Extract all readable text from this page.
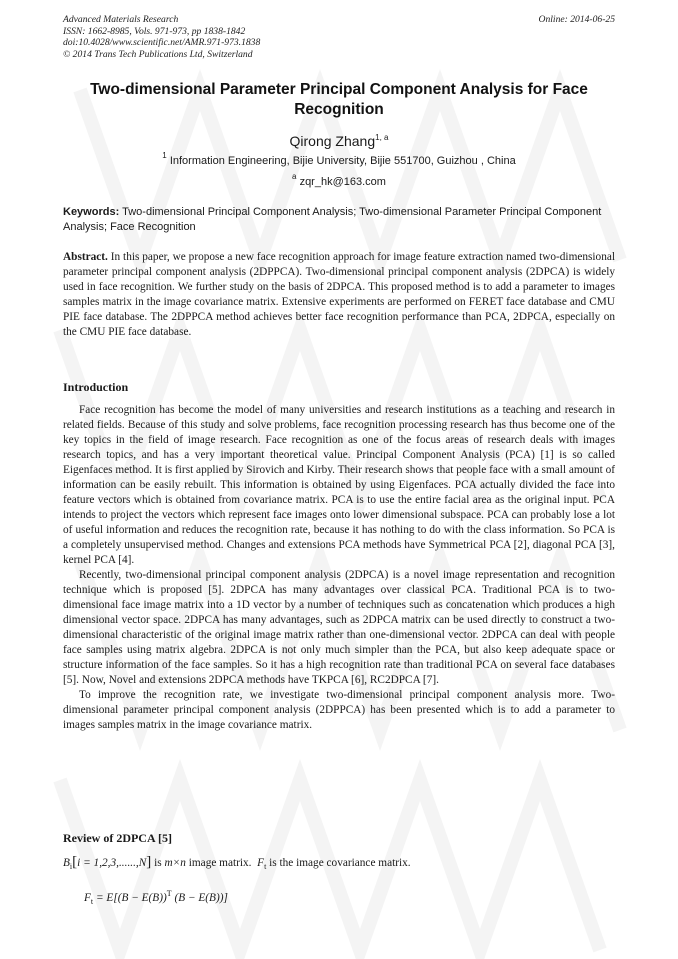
Advanced Materials Research
ISSN: 1662-8985, Vols. 971-973, pp 1838-1842
doi:10.4028/www.scientific.net/AMR.971-973.1838
© 2014 Trans Tech Publications Ltd, Switzerland
Online: 2014-06-25
Two-dimensional Parameter Principal Component Analysis for Face Recognition
Qirong Zhang$^{1, a}$
$^1$ Information Engineering, Bijie University, Bijie 551700, Guizhou , China
$^a$ zqr_hk@163.com
Keywords: Two-dimensional Principal Component Analysis; Two-dimensional Parameter Principal Component Analysis; Face Recognition
Abstract. In this paper, we propose a new face recognition approach for image feature extraction named two-dimensional parameter principal component analysis (2DPPCA). Two-dimensional principal component analysis (2DPCA) is widely used in face recognition. We further study on the basis of 2DPCA. This proposed method is to add a parameter to images samples matrix in the image covariance matrix. Extensive experiments are performed on FERET face database and CMU PIE face database. The 2DPPCA method achieves better face recognition performance than PCA, 2DPCA, especially on the CMU PIE face database.
Introduction

Face recognition has become the model of many universities and research institutions as a teaching and research in related fields. Because of this study and solve problems, face recognition processing research has thus become one of the key topics in the field of image research. Face recognition as one of the focus areas of research deals with images research topics, and has a very important theoretical value. Principal Component Analysis (PCA) [1] is so called Eigenfaces method. It is first applied by Sirovich and Kirby. Their research shows that people face with a small amount of information can be easily rebuilt. This information is obtained by using Eigenfaces. PCA actually divided the face into feature vectors which is obtained from covariance matrix. PCA is to use the entire facial area as the original input. PCA intends to project the vectors which represent face images onto lower dimensional subspace. PCA can probably lose a lot of useful information and reduces the recognition rate, because it has nothing to do with the class information. So PCA is a completely unsupervised method. Changes and extensions PCA methods have Symmetrical PCA [2], diagonal PCA [3], kernel PCA [4].

Recently, two-dimensional principal component analysis (2DPCA) is a novel image representation and recognition technique which is proposed [5]. 2DPCA has many advantages over classical PCA. Traditional PCA is to two-dimensional face image matrix into a 1D vector by a number of techniques such as concatenation which produces a high dimensional vector space. 2DPCA has many advantages, such as 2DPCA matrix can be used directly to construct a two-dimensional characteristic of the original image matrix rather than one-dimensional vector. 2DPCA can deal with people face samples using matrix algebra. 2DPCA is not only much simpler than the PCA, but also keep adequate space or structure information of the face samples. So it has a high recognition rate than traditional PCA on several face databases [5]. Now, Novel and extensions 2DPCA methods have TKPCA [6], RC2DPCA [7].

To improve the recognition rate, we investigate two-dimensional principal component analysis more. Two-dimensional parameter principal component analysis (2DPPCA) has been presented which is to add a parameter to images samples matrix in the image covariance matrix.

Review of 2DPCA [5]
$B_i[i = 1,2,3,......,N]$ is m×n image matrix. $F_t$ is the image covariance matrix.
$F_t = E[(B - E(B))^T$ (B − E(B))]
